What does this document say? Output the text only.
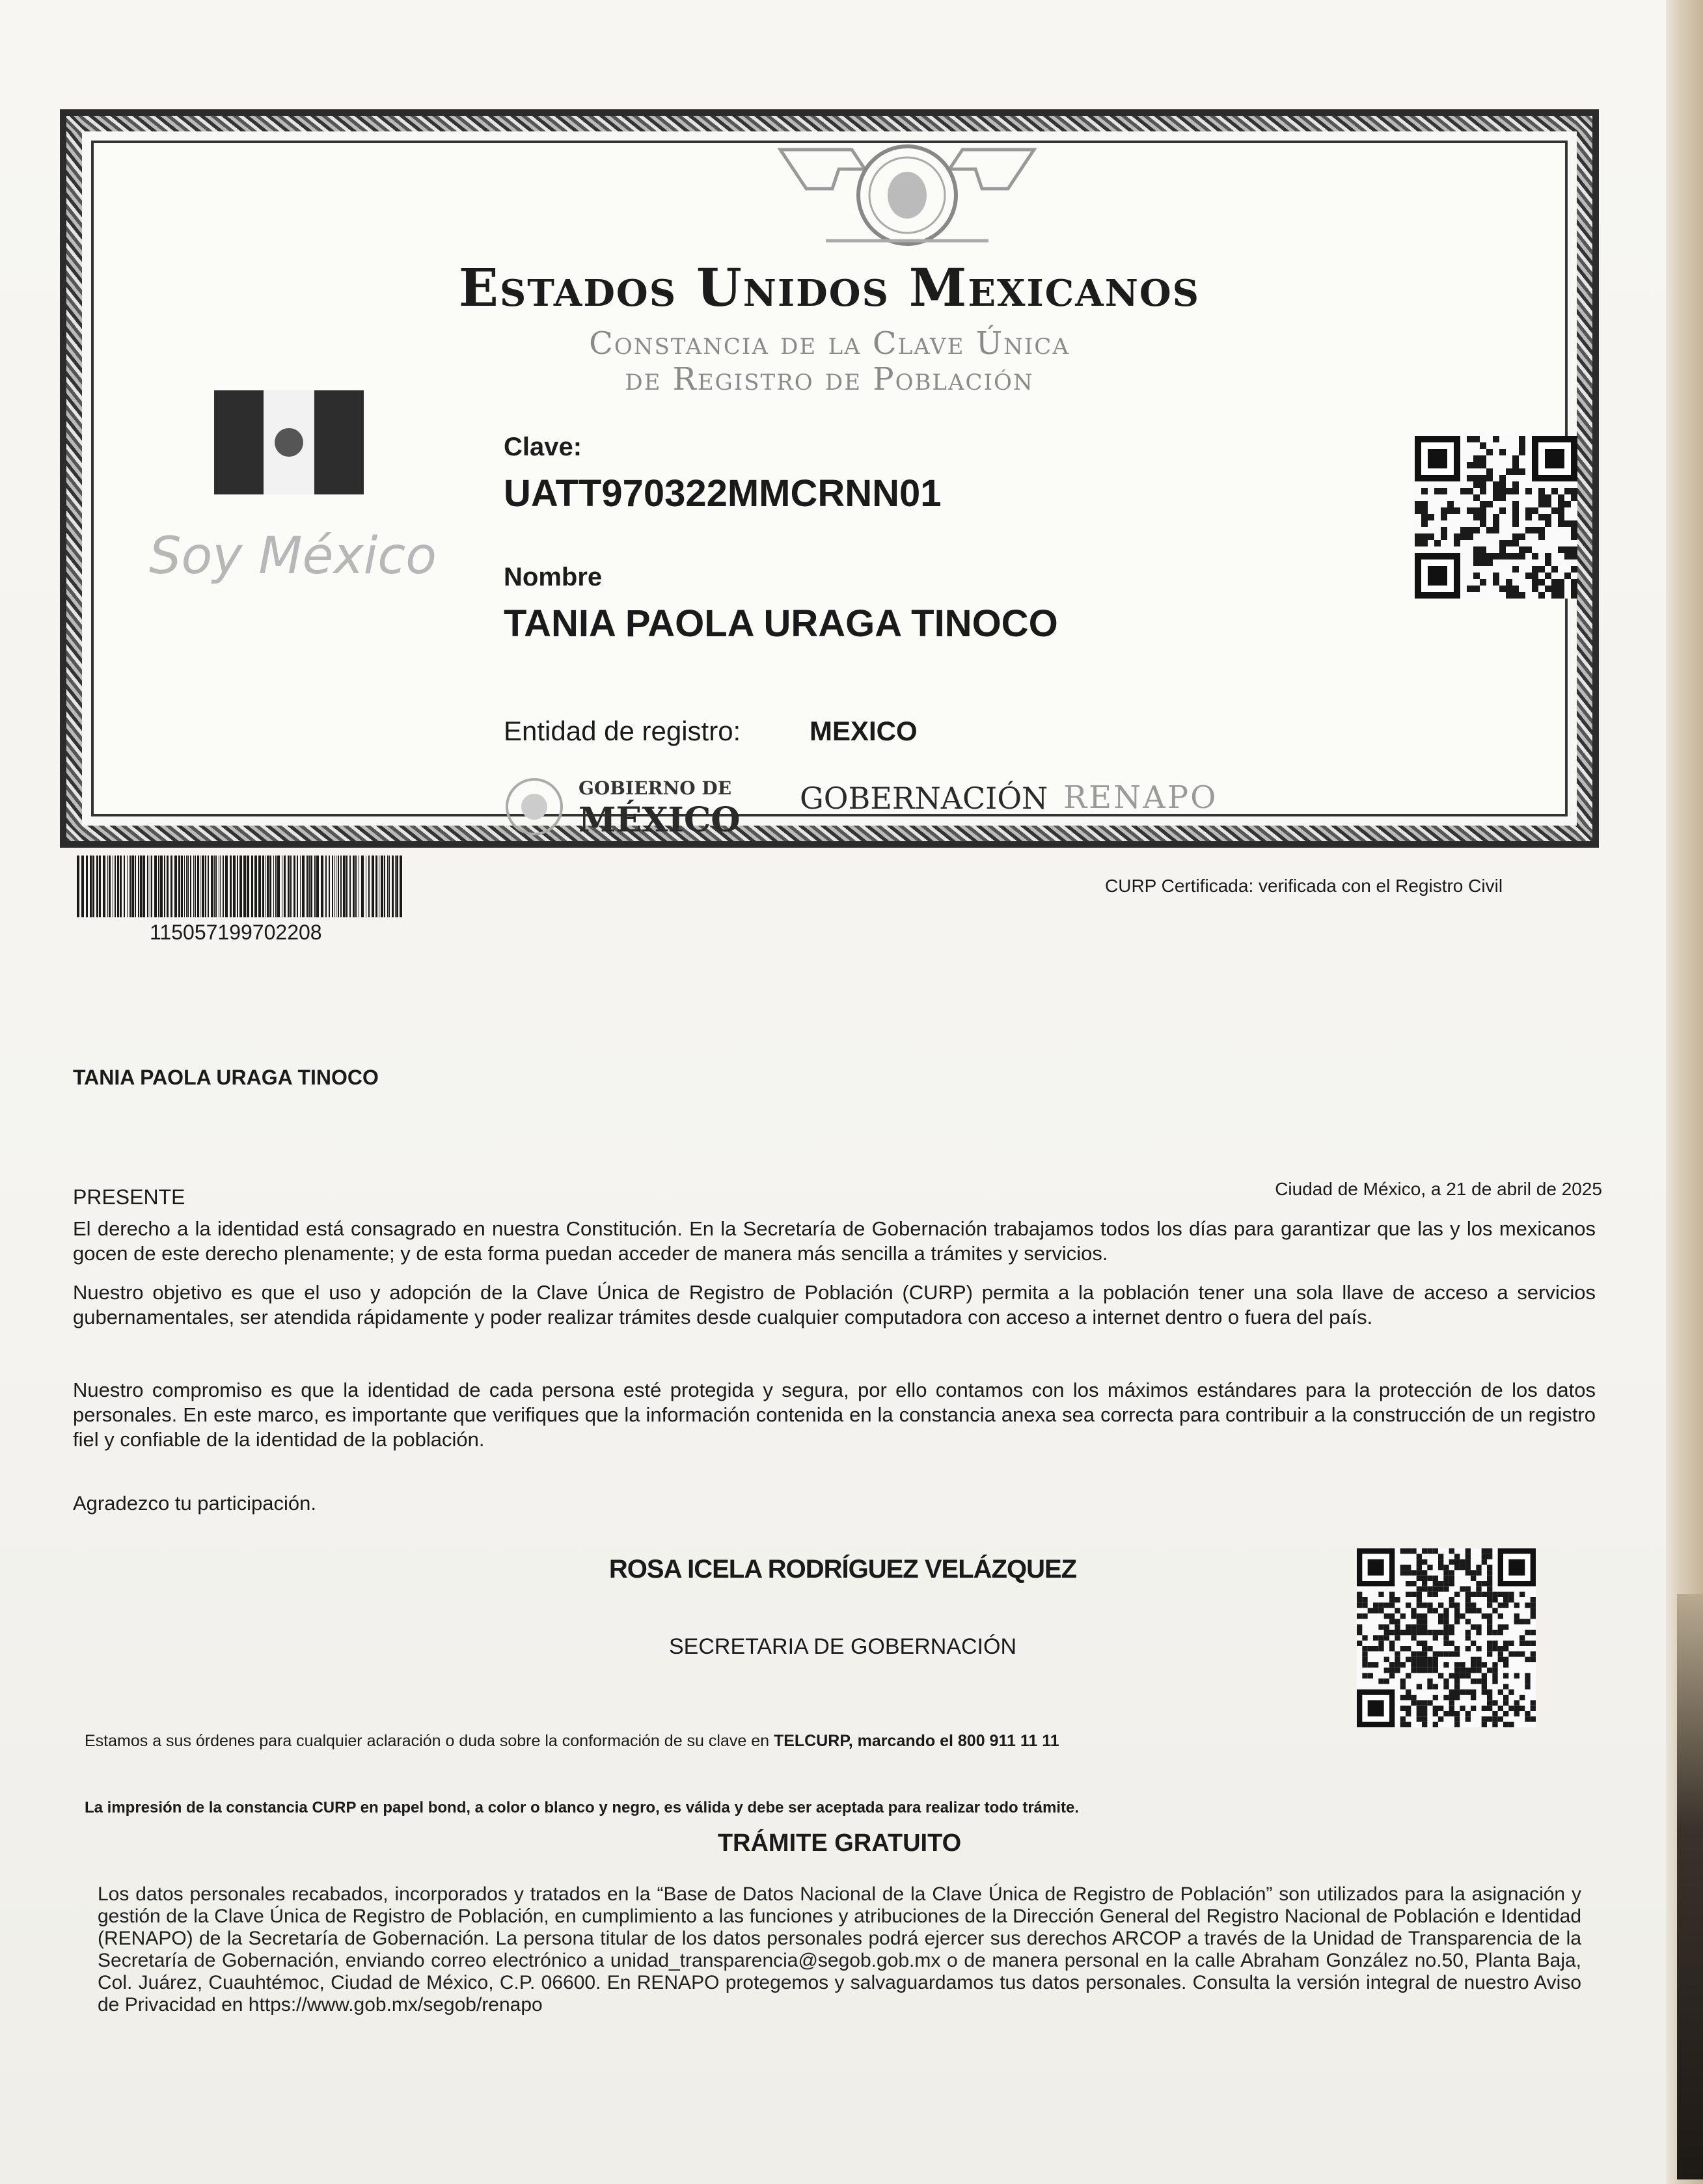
Estados Unidos Mexicanos
Constancia de la Clave Única
de Registro de Población
Soy México
Clave:
UATT970322MMCRNN01
Nombre
TANIA PAOLA URAGA TINOCO
Entidad de registro:	MEXICO
GOBIERNO DE
MÉXICO
GOBERNACIÓN RENAPO
115057199702208
CURP Certificada: verificada con el Registro Civil
TANIA PAOLA URAGA TINOCO
PRESENTE	Ciudad de México, a 21 de abril de 2025

El derecho a la identidad está consagrado en nuestra Constitución. En la Secretaría de Gobernación trabajamos todos los días para garantizar que las y los mexicanos gocen de este derecho plenamente; y de esta forma puedan acceder de manera más sencilla a trámites y servicios.

Nuestro objetivo es que el uso y adopción de la Clave Única de Registro de Población (CURP) permita a la población tener una sola llave de acceso a servicios gubernamentales, ser atendida rápidamente y poder realizar trámites desde cualquier computadora con acceso a internet dentro o fuera del país.

Nuestro compromiso es que la identidad de cada persona esté protegida y segura, por ello contamos con los máximos estándares para la protección de los datos personales. En este marco, es importante que verifiques que la información contenida en la constancia anexa sea correcta para contribuir a la construcción de un registro fiel y confiable de la identidad de la población.

Agradezco tu participación.

ROSA ICELA RODRÍGUEZ VELÁZQUEZ
SECRETARIA DE GOBERNACIÓN
Estamos a sus órdenes para cualquier aclaración o duda sobre la conformación de su clave en TELCURP, marcando el 800 911 11 11
La impresión de la constancia CURP en papel bond, a color o blanco y negro, es válida y debe ser aceptada para realizar todo trámite.
TRÁMITE GRATUITO

Los datos personales recabados, incorporados y tratados en la “Base de Datos Nacional de la Clave Única de Registro de Población” son utilizados para la asignación y gestión de la Clave Única de Registro de Población, en cumplimiento a las funciones y atribuciones de la Dirección General del Registro Nacional de Población e Identidad (RENAPO) de la Secretaría de Gobernación. La persona titular de los datos personales podrá ejercer sus derechos ARCOP a través de la Unidad de Transparencia de la Secretaría de Gobernación, enviando correo electrónico a unidad_transparencia@segob.gob.mx o de manera personal en la calle Abraham González no.50, Planta Baja, Col. Juárez, Cuauhtémoc, Ciudad de México, C.P. 06600. En RENAPO protegemos y salvaguardamos tus datos personales. Consulta la versión integral de nuestro Aviso de Privacidad en https://www.gob.mx/segob/renapo
